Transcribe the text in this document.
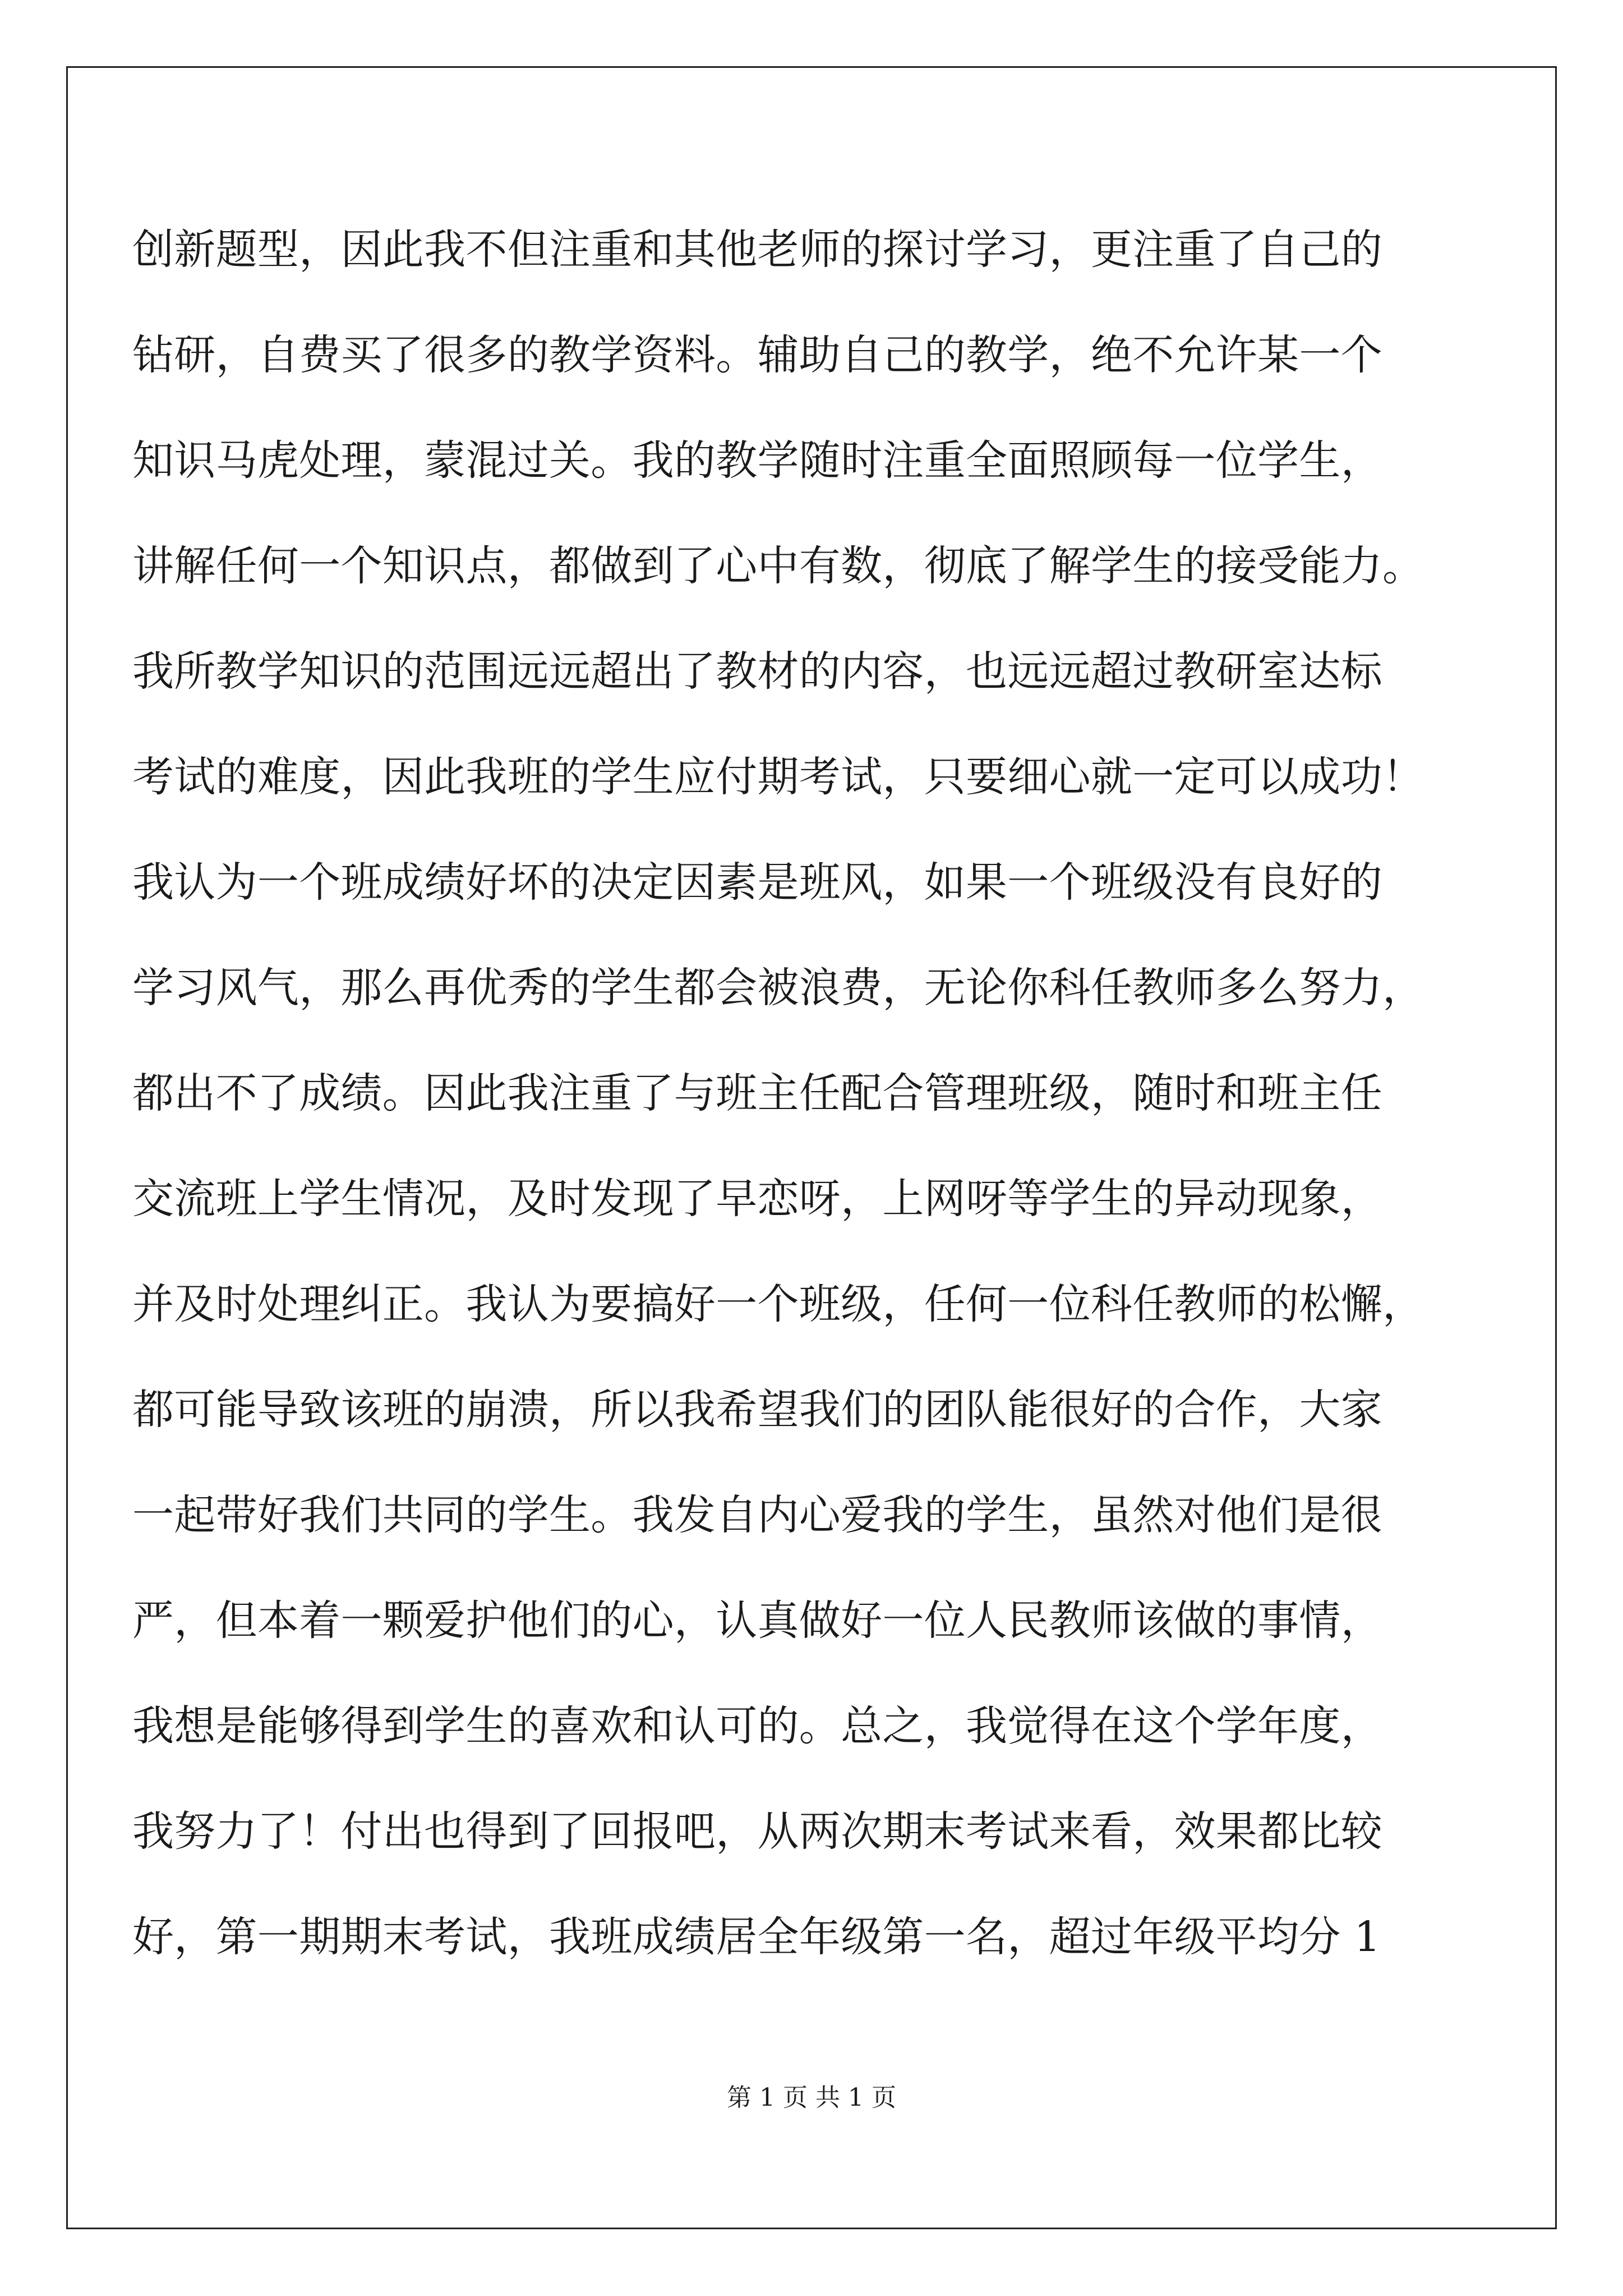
创新题型，因此我不但注重和其他老师的探讨学习，更注重了自己的
钻研，自费买了很多的教学资料。辅助自己的教学，绝不允许某一个
知识马虎处理，蒙混过关。我的教学随时注重全面照顾每一位学生，
讲解任何一个知识点，都做到了心中有数，彻底了解学生的接受能力。
我所教学知识的范围远远超出了教材的内容，也远远超过教研室达标
考试的难度，因此我班的学生应付期考试，只要细心就一定可以成功！
我认为一个班成绩好坏的决定因素是班风，如果一个班级没有良好的
学习风气，那么再优秀的学生都会被浪费，无论你科任教师多么努力，
都出不了成绩。因此我注重了与班主任配合管理班级，随时和班主任
交流班上学生情况，及时发现了早恋呀，上网呀等学生的异动现象，
并及时处理纠正。我认为要搞好一个班级，任何一位科任教师的松懈，
都可能导致该班的崩溃，所以我希望我们的团队能很好的合作，大家
一起带好我们共同的学生。我发自内心爱我的学生，虽然对他们是很
严，但本着一颗爱护他们的心，认真做好一位人民教师该做的事情，
我想是能够得到学生的喜欢和认可的。总之，我觉得在这个学年度，
我努力了！付出也得到了回报吧，从两次期末考试来看，效果都比较
好，第一期期末考试，我班成绩居全年级第一名，超过年级平均分 1
第 1 页 共 1 页
